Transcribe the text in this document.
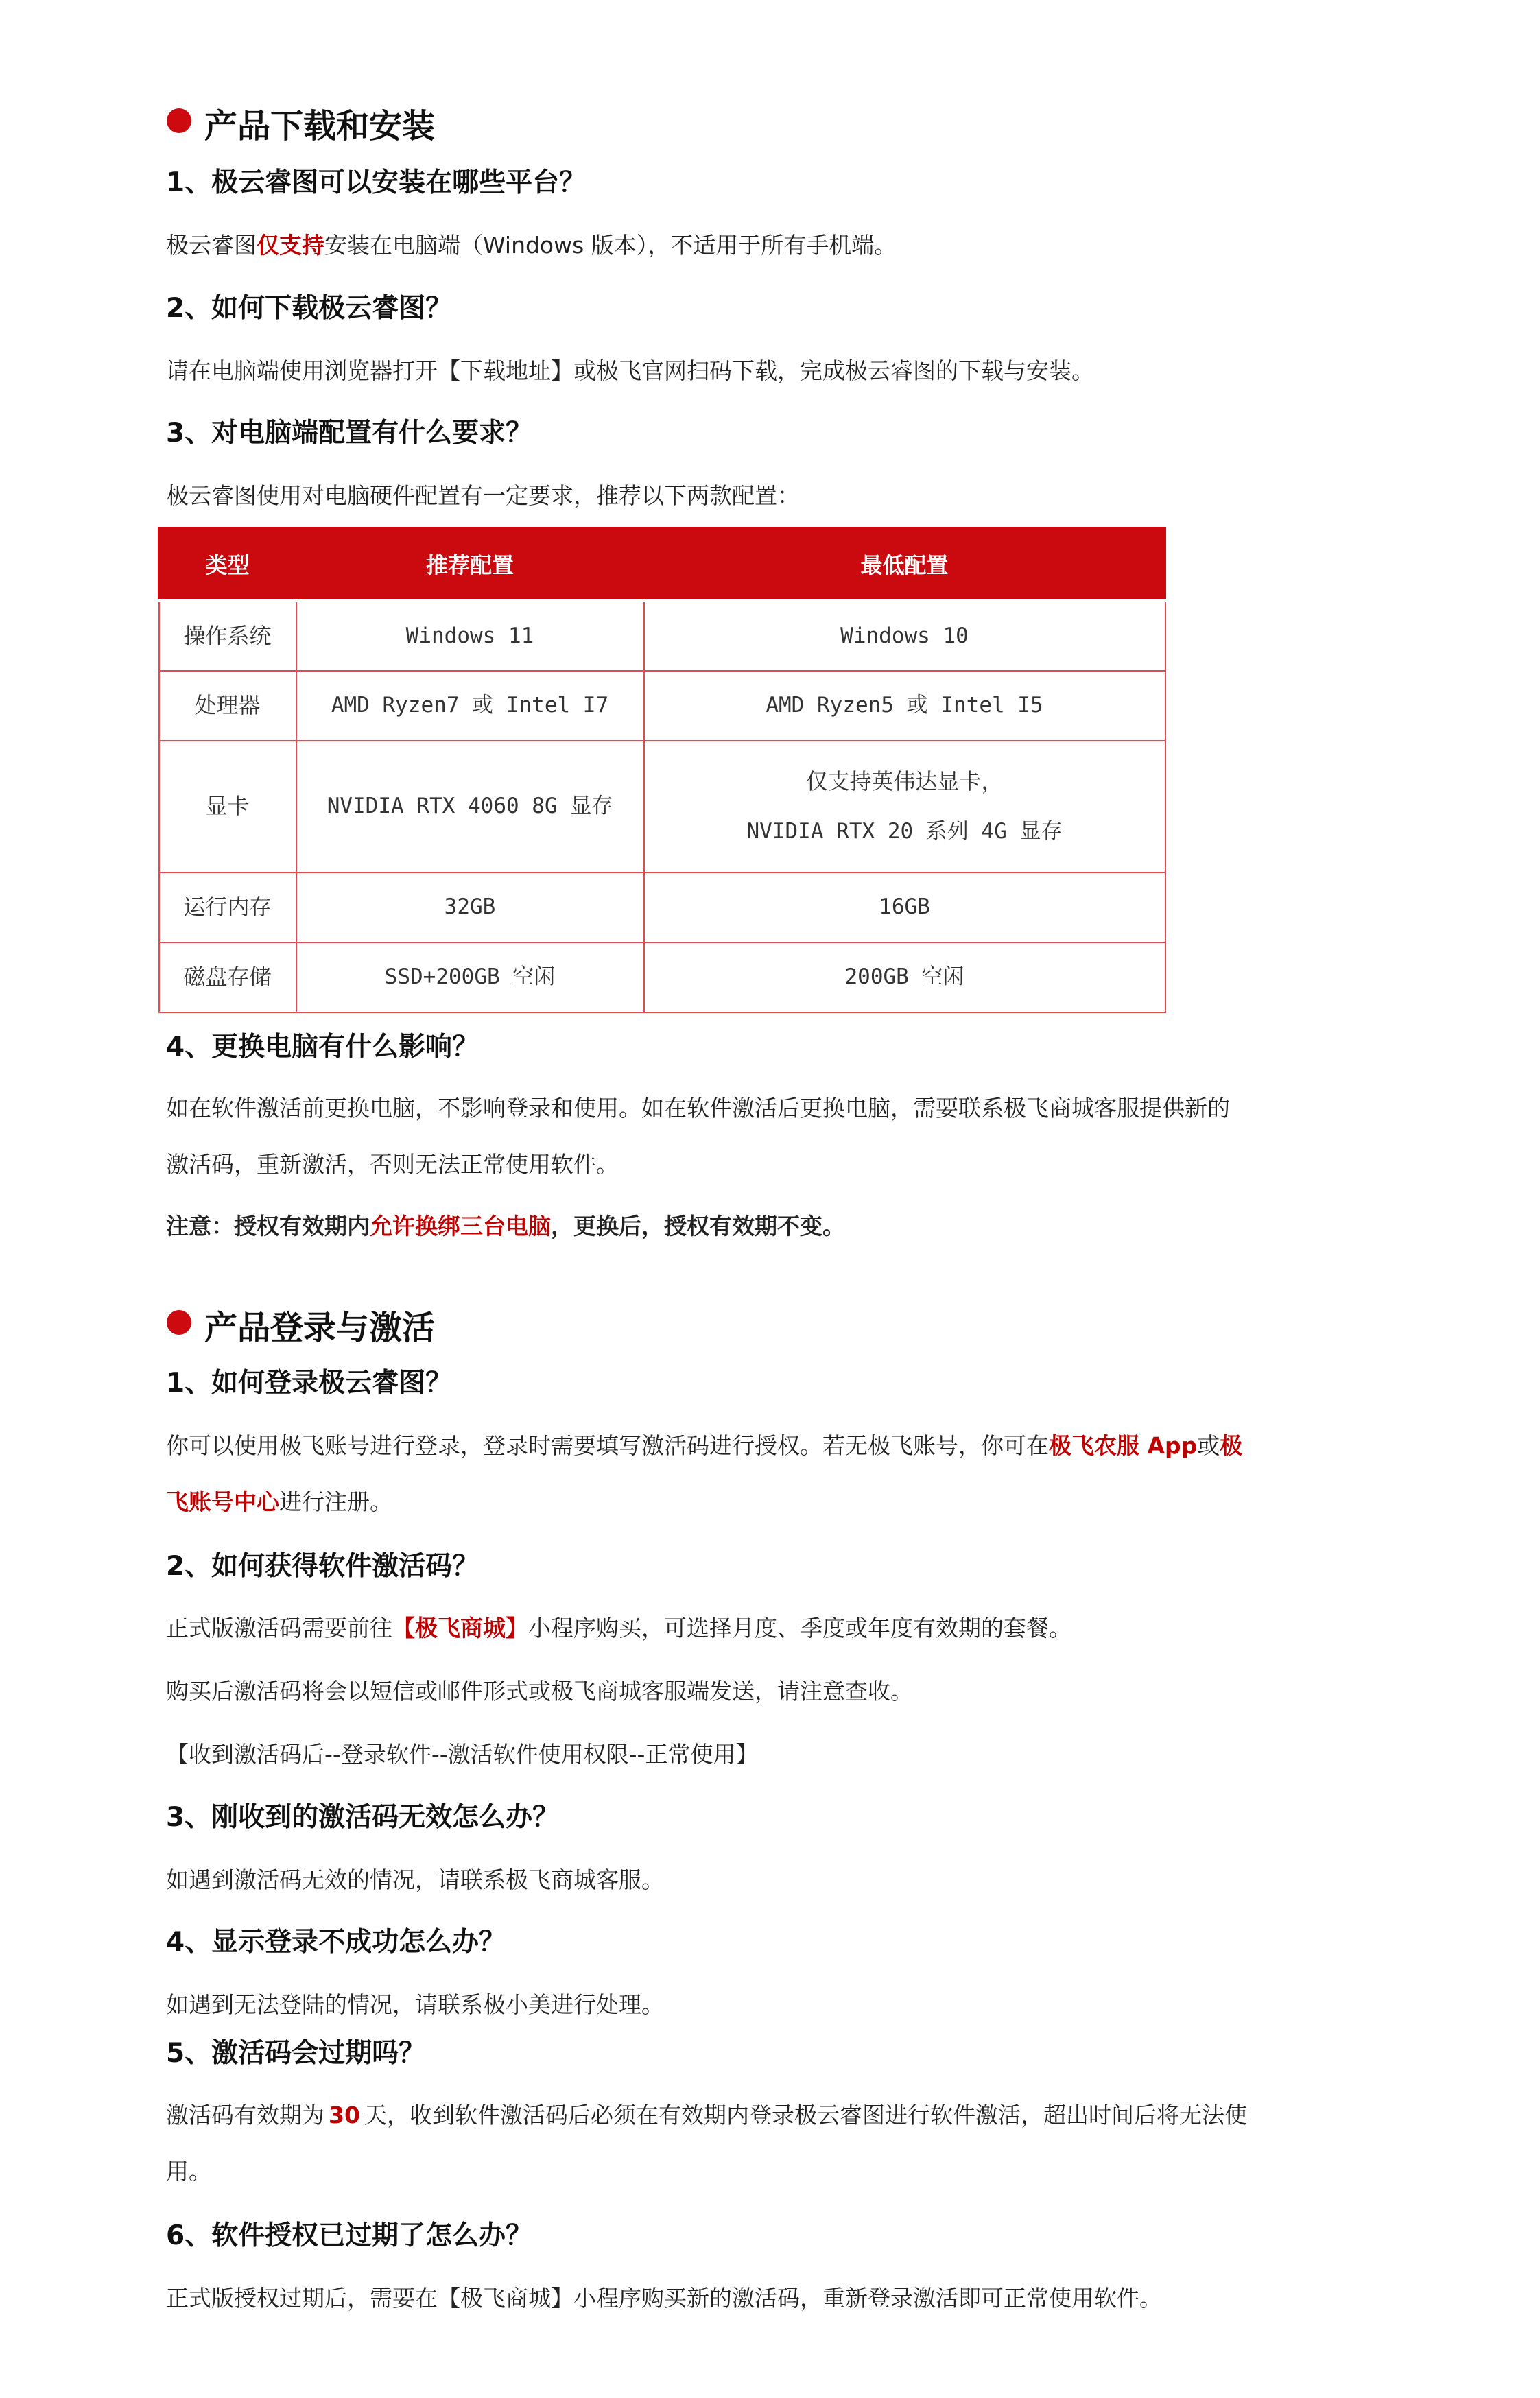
产品下载和安装
1、极云睿图可以安装在哪些平台？
极云睿图仅支持安装在电脑端（Windows 版本），不适用于所有手机端。
2、如何下载极云睿图？
请在电脑端使用浏览器打开【下载地址】或极飞官网扫码下载，完成极云睿图的下载与安装。
3、对电脑端配置有什么要求？
极云睿图使用对电脑硬件配置有一定要求，推荐以下两款配置：
类型	推荐配置	最低配置
操作系统	Windows 11	Windows 10
处理器	AMD Ryzen7 或 Intel I7	AMD Ryzen5 或 Intel I5
显卡	NVIDIA RTX 4060 8G 显存	仅支持英伟达显卡，
NVIDIA RTX 20 系列 4G 显存

运行内存	32GB	16GB
磁盘存储	SSD+200GB 空闲	200GB 空闲
4、更换电脑有什么影响？
如在软件激活前更换电脑，不影响登录和使用。如在软件激活后更换电脑，需要联系极飞商城客服提供新的
激活码，重新激活，否则无法正常使用软件。
注意：授权有效期内允许换绑三台电脑，更换后，授权有效期不变。
产品登录与激活
1、如何登录极云睿图？
你可以使用极飞账号进行登录，登录时需要填写激活码进行授权。若无极飞账号，你可在极飞农服 App或极
飞账号中心进行注册。
2、如何获得软件激活码？
正式版激活码需要前往【极飞商城】小程序购买，可选择月度、季度或年度有效期的套餐。
购买后激活码将会以短信或邮件形式或极飞商城客服端发送，请注意查收。
【收到激活码后--登录软件--激活软件使用权限--正常使用】
3、刚收到的激活码无效怎么办？
如遇到激活码无效的情况，请联系极飞商城客服。
4、显示登录不成功怎么办？
如遇到无法登陆的情况，请联系极小美进行处理。
5、激活码会过期吗？
激活码有效期为 30 天，收到软件激活码后必须在有效期内登录极云睿图进行软件激活，超出时间后将无法使
用。
6、软件授权已过期了怎么办？
正式版授权过期后，需要在【极飞商城】小程序购买新的激活码，重新登录激活即可正常使用软件。
